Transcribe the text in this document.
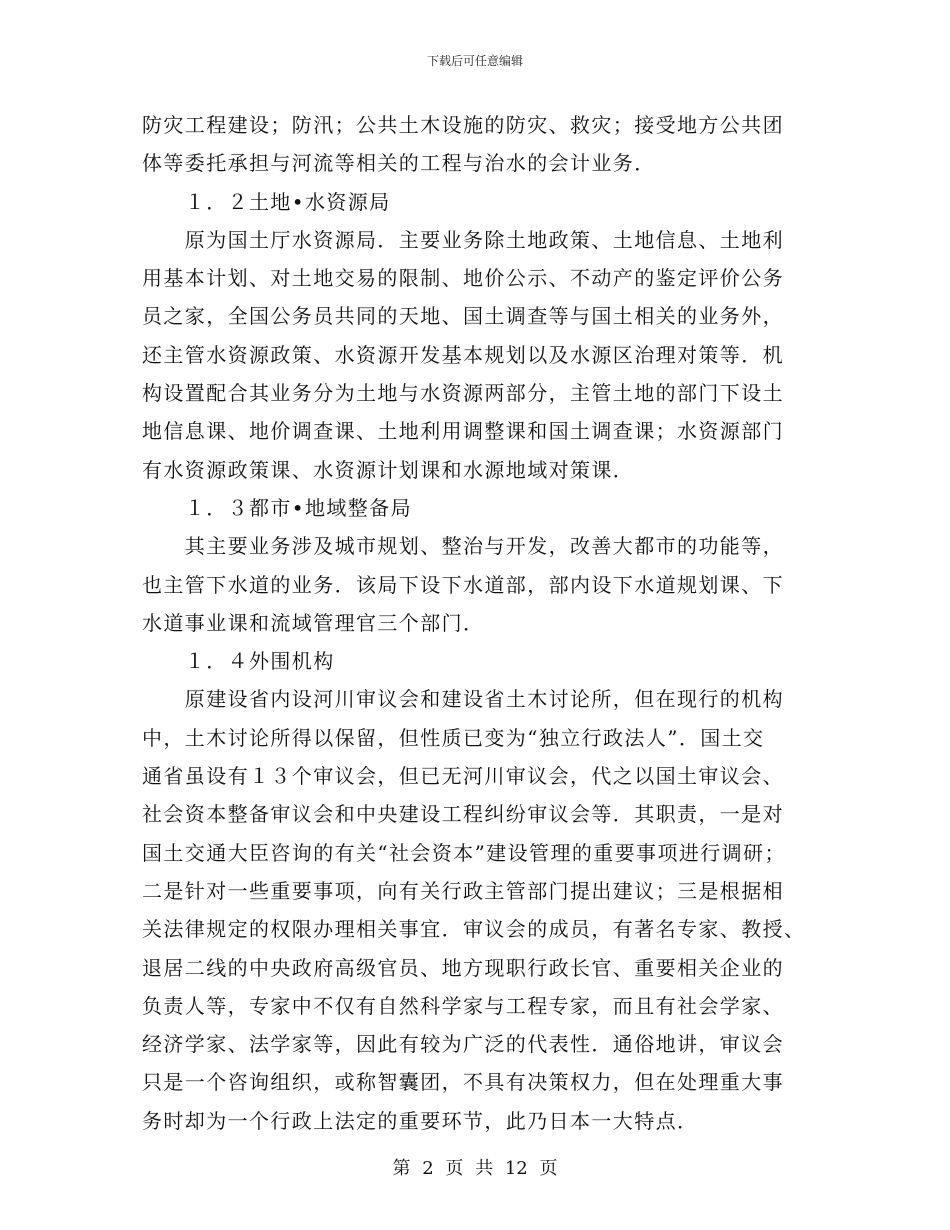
下载后可任意编辑
防灾工程建设；防汛；公共土木设施的防灾、救灾；接受地方公共团
体等委托承担与河流等相关的工程与治水的会计业务．
　　１．２土地•水资源局
　　原为国土厅水资源局．主要业务除土地政策、土地信息、土地利
用基本计划、对土地交易的限制、地价公示、不动产的鉴定评价公务
员之家，全国公务员共同的天地、国土调查等与国土相关的业务外，
还主管水资源政策、水资源开发基本规划以及水源区治理对策等．机
构设置配合其业务分为土地与水资源两部分，主管土地的部门下设土
地信息课、地价调查课、土地利用调整课和国土调查课；水资源部门
有水资源政策课、水资源计划课和水源地域对策课．
　　１．３都市•地域整备局
　　其主要业务涉及城市规划、整治与开发，改善大都市的功能等，
也主管下水道的业务．该局下设下水道部，部内设下水道规划课、下
水道事业课和流域管理官三个部门．
　　１．４外围机构
　　原建设省内设河川审议会和建设省土木讨论所，但在现行的机构
中，土木讨论所得以保留，但性质已变为“独立行政法人”．国土交
通省虽设有１３个审议会，但已无河川审议会，代之以国土审议会、
社会资本整备审议会和中央建设工程纠纷审议会等．其职责，一是对
国土交通大臣咨询的有关“社会资本”建设管理的重要事项进行调研；
二是针对一些重要事项，向有关行政主管部门提出建议；三是根据相
关法律规定的权限办理相关事宜．审议会的成员，有著名专家、教授、
退居二线的中央政府高级官员、地方现职行政长官、重要相关企业的
负责人等，专家中不仅有自然科学家与工程专家，而且有社会学家、
经济学家、法学家等，因此有较为广泛的代表性．通俗地讲，审议会
只是一个咨询组织，或称智囊团，不具有决策权力，但在处理重大事
务时却为一个行政上法定的重要环节，此乃日本一大特点．
第 2 页 共 12 页
